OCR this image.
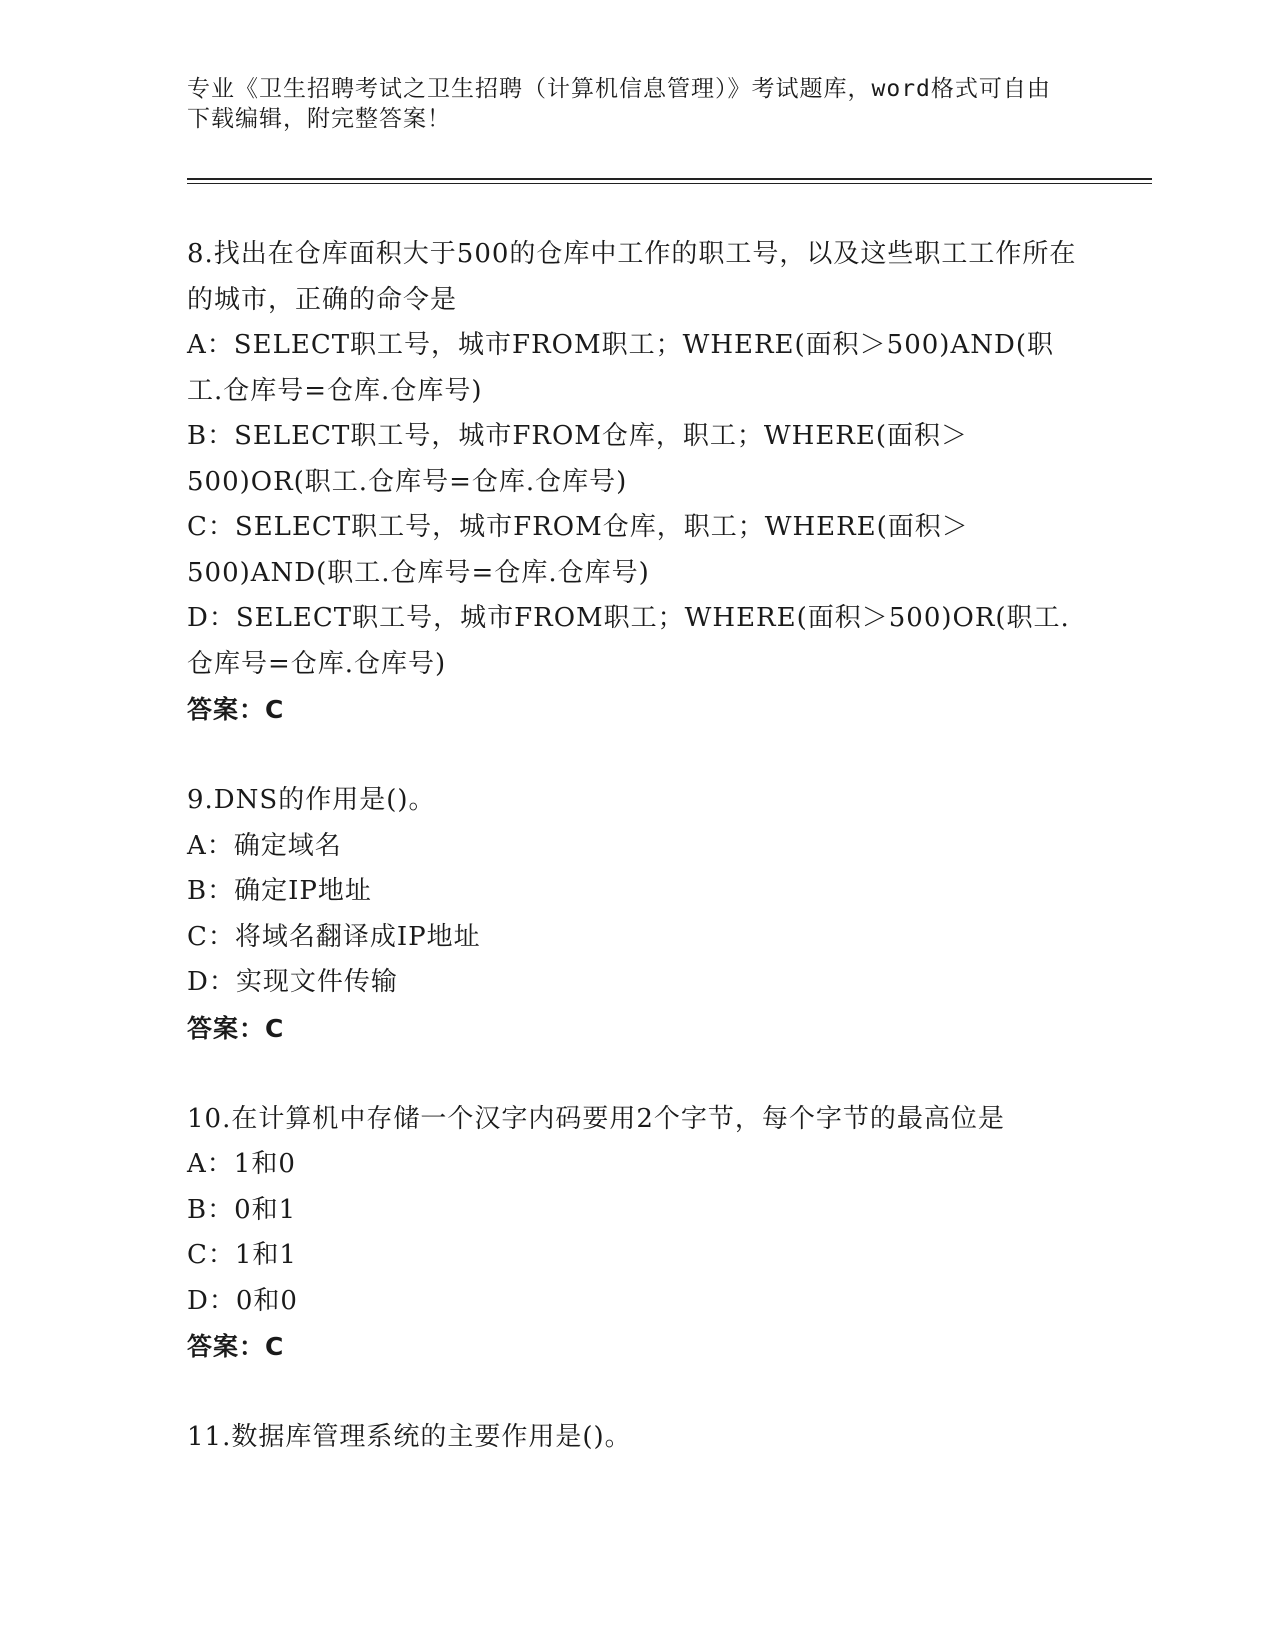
专业《卫生招聘考试之卫生招聘（计算机信息管理）》考试题库，word格式可自由下载编辑，附完整答案！

8.找出在仓库面积大于500的仓库中工作的职工号，以及这些职工工作所在的城市，正确的命令是

A：SELECT职工号，城市FROM职工；WHERE(面积＞500)AND(职工.仓库号=仓库.仓库号)

B：SELECT职工号，城市FROM仓库，职工；WHERE(面积＞500)OR(职工.仓库号=仓库.仓库号)

C：SELECT职工号，城市FROM仓库，职工；WHERE(面积＞500)AND(职工.仓库号=仓库.仓库号)

D：SELECT职工号，城市FROM职工；WHERE(面积＞500)OR(职工.仓库号=仓库.仓库号)

答案：C

9.DNS的作用是()。

A：确定域名

B：确定IP地址

C：将域名翻译成IP地址

D：实现文件传输

答案：C

10.在计算机中存储一个汉字内码要用2个字节，每个字节的最高位是

A：1和0

B：0和1

C：1和1

D：0和0

答案：C

11.数据库管理系统的主要作用是()。
